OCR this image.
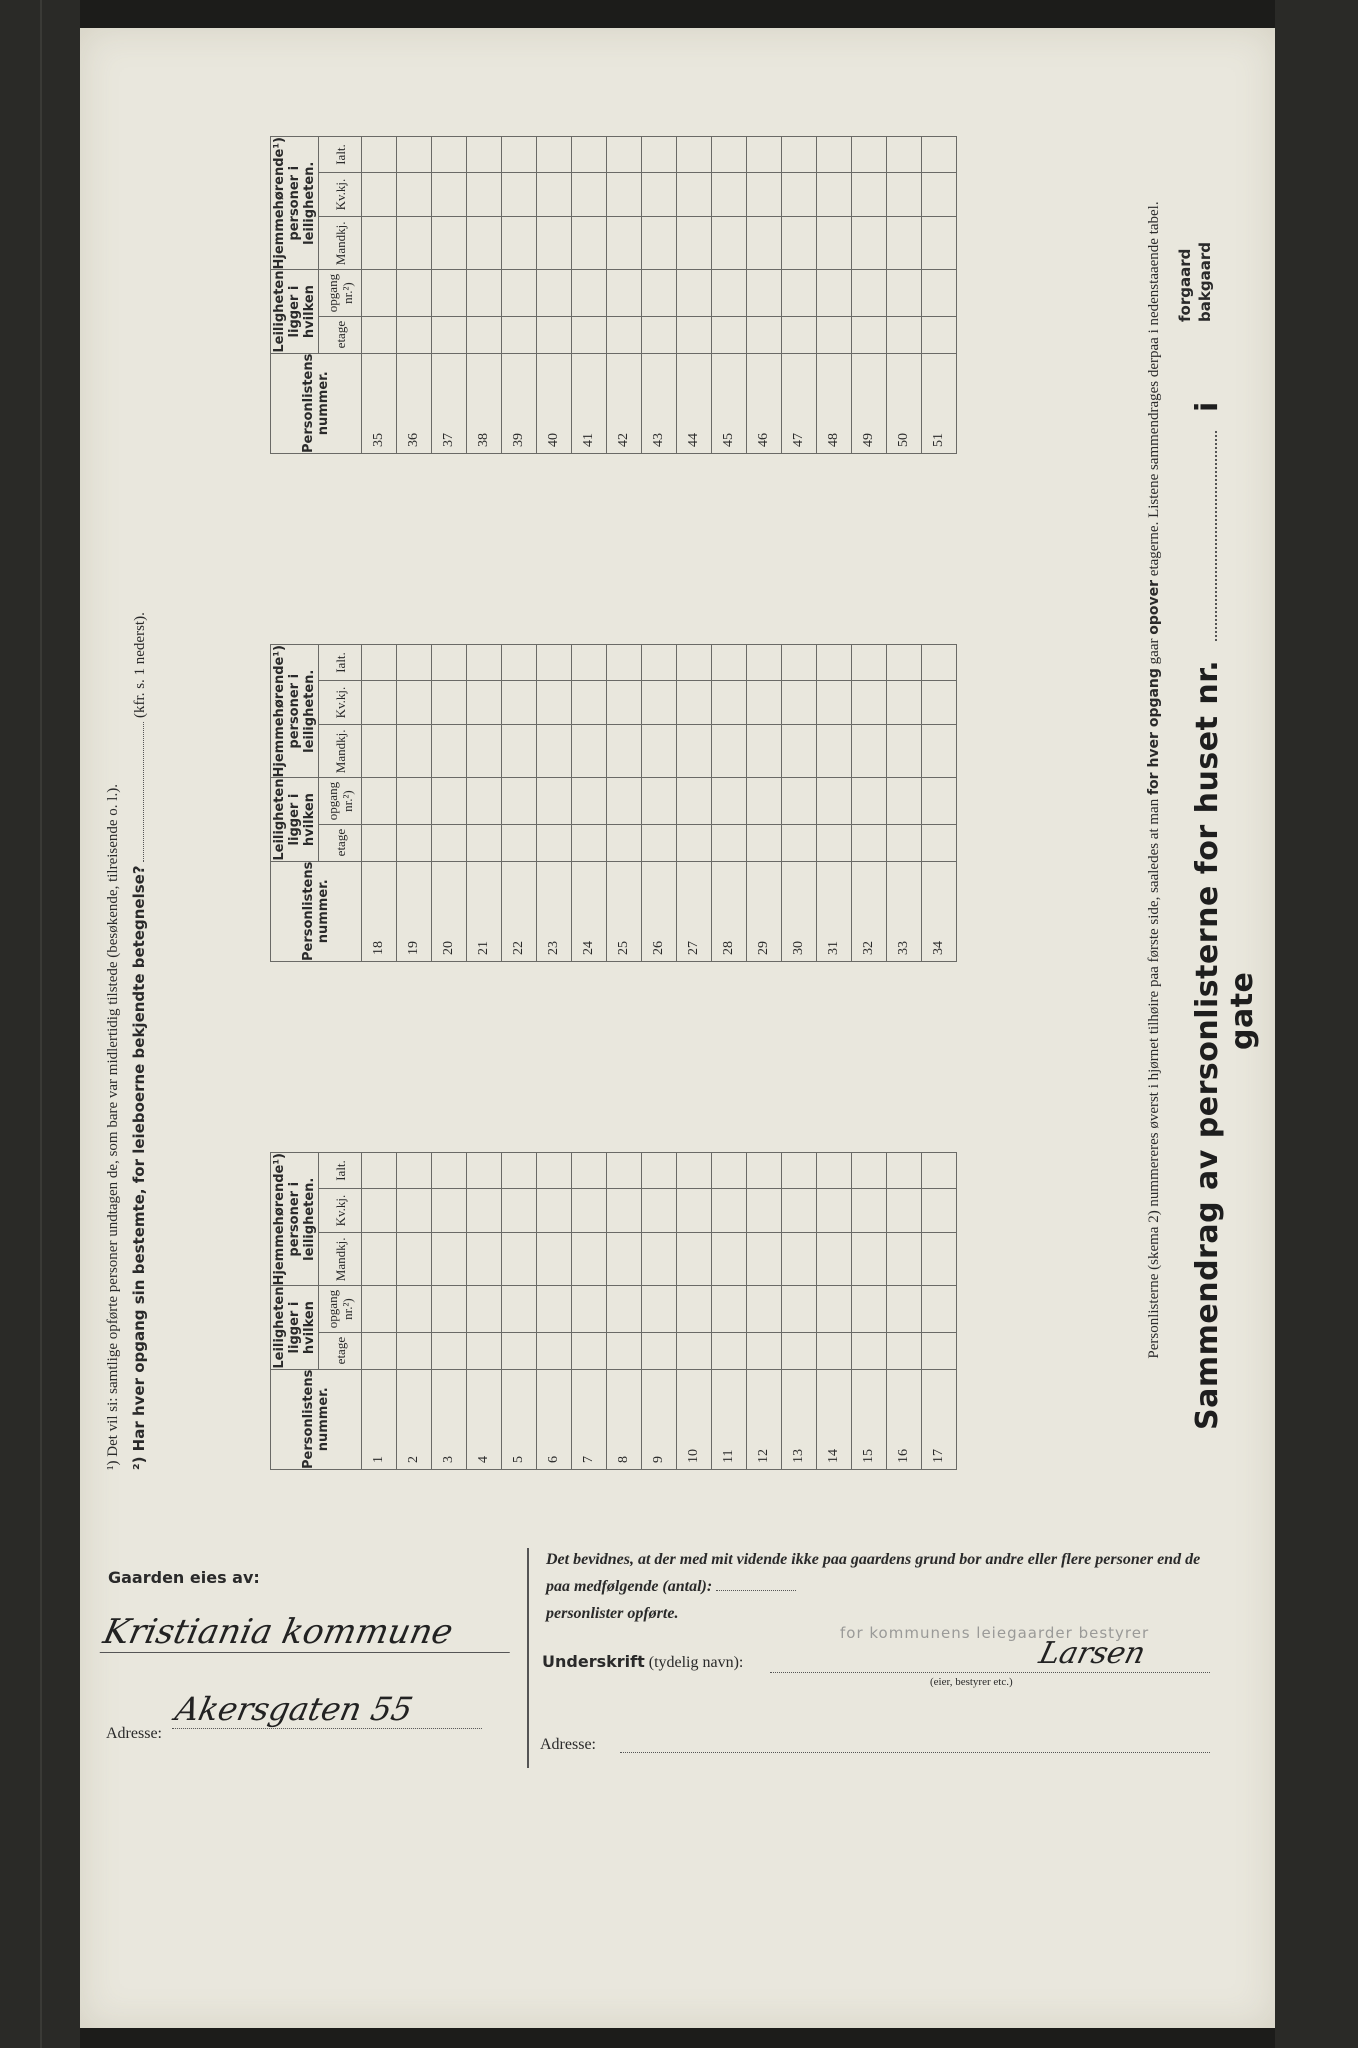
Sammendrag av personlisterne for huset nr.  i gate
forgaard bakgaard
Personlisterne (skema 2) nummereres øverst i hjørnet tilhøire paa første side, saaledes at man for hver opgang gaar opover etagerne. Listene sammendrages derpaa i nedenstaaende tabel.
Personlistens nummer.	Leiligheten ligger i hvilken		Hjemmehørende¹) personer i leiligheten.		
	etage	opgang nr.²)	Mandkj.	Kv.kj.	Ialt.
1					
2					
3					
4					
5					
6					
7					
8					
9					
10					
11					
12					
13					
14					
15					
16					
17					
Personlistens nummer.	Leiligheten ligger i hvilken		Hjemmehørende¹) personer i leiligheten.		
	etage	opgang nr.²)	Mandkj.	Kv.kj.	Ialt.
18					
19					
20					
21					
22					
23					
24					
25					
26					
27					
28					
29					
30					
31					
32					
33					
34					
Personlistens nummer.	Leiligheten ligger i hvilken		Hjemmehørende¹) personer i leiligheten.		
	etage	opgang nr.²)	Mandkj.	Kv.kj.	Ialt.
35					
36					
37					
38					
39					
40					
41					
42					
43					
44					
45					
46					
47					
48					
49					
50					
51					
¹) Det vil si: samtlige opførte personer undtagen de, som bare var midlertidig tilstede (besøkende, tilreisende o. l.). ²) Har hver opgang sin bestemte, for leieboerne bekjendte betegnelse?  (kfr. s. 1 nederst).
Gaarden eies av:
Kristiania kommune
Adresse:
Akersgaten 55
Det bevidnes, at der med mit vidende ikke paa gaardens grund bor andre eller flere personer end de paa medfølgende (antal):
personlister opførte.
for kommunens leiegaarder bestyrer
Underskrift (tydelig navn):	Larsen
(eier, bestyrer etc.)
Adresse:
